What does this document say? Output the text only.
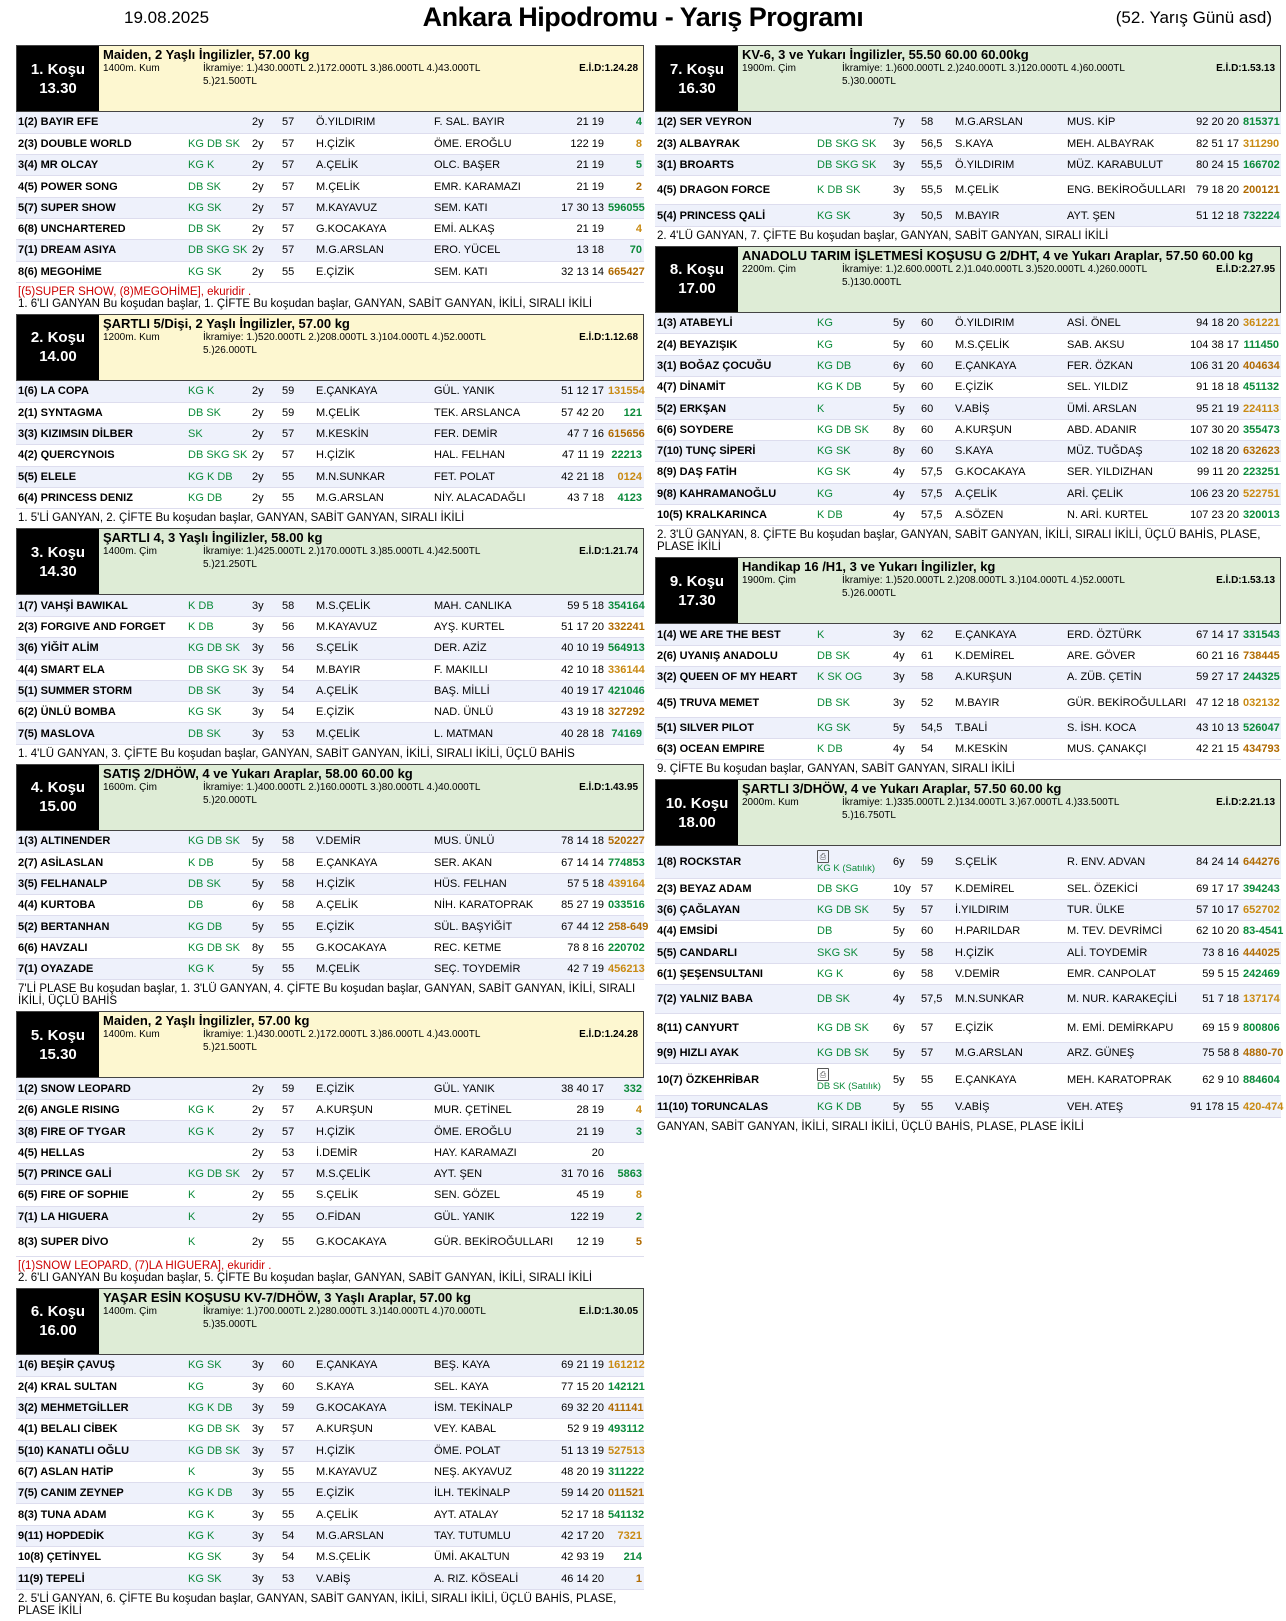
19.08.2025	Ankara Hipodromu - Yarış Programı	(52. Yarış Günü asd)
1. Koşu
13.30
Maiden, 2 Yaşlı İngilizler, 57.00 kg
1400m. Kum	İkramiye: 1.)430.000TL 2.)172.000TL 3.)86.000TL 4.)43.000TL
5.)21.500TL
E.İ.D:1.24.28
1(2) BAYIR EFE		2y	57	Ö.YILDIRIM	F. SAL. BAYIR	21 19	4
2(3) DOUBLE WORLD	KG DB SK	2y	57	H.ÇİZİK	ÖME. EROĞLU	122 19	8
3(4) MR OLCAY	KG K	2y	57	A.ÇELİK	OLC. BAŞER	21 19	5
4(5) POWER SONG	DB SK	2y	57	M.ÇELİK	EMR. KARAMAZI	21 19	2
5(7) SUPER SHOW	KG SK	2y	57	M.KAYAVUZ	SEM. KATI	17 30 13	596055
6(8) UNCHARTERED	DB SK	2y	57	G.KOCAKAYA	EMİ. ALKAŞ	21 19	4
7(1) DREAM ASIYA	DB SKG SK	2y	57	M.G.ARSLAN	ERO. YÜCEL	13 18	70
8(6) MEGOHİME	KG SK	2y	55	E.ÇİZİK	SEM. KATI	32 13 14	665427
[(5)SUPER SHOW, (8)MEGOHİME], ekuridir .
1. 6'LI GANYAN Bu koşudan başlar, 1. ÇİFTE Bu koşudan başlar, GANYAN, SABİT GANYAN, İKİLİ, SIRALI İKİLİ
2. Koşu
14.00
ŞARTLI 5/Dişi, 2 Yaşlı İngilizler, 57.00 kg
1200m. Kum	İkramiye: 1.)520.000TL 2.)208.000TL 3.)104.000TL 4.)52.000TL
5.)26.000TL
E.İ.D:1.12.68
1(6) LA COPA	KG K	2y	59	E.ÇANKAYA	GÜL. YANIK	51 12 17	131554
2(1) SYNTAGMA	DB SK	2y	59	M.ÇELİK	TEK. ARSLANCA	57 42 20	121
3(3) KIZIMSIN DİLBER	SK	2y	57	M.KESKİN	FER. DEMİR	47 7 16	615656
4(2) QUERCYNOIS	DB SKG SK	2y	57	H.ÇİZİK	HAL. FELHAN	47 11 19	22213
5(5) ELELE	KG K DB	2y	55	M.N.SUNKAR	FET. POLAT	42 21 18	0124
6(4) PRINCESS DENIZ	KG DB	2y	55	M.G.ARSLAN	NİY. ALACADAĞLI	43 7 18	4123
1. 5'Lİ GANYAN, 2. ÇİFTE Bu koşudan başlar, GANYAN, SABİT GANYAN, SIRALI İKİLİ
3. Koşu
14.30
ŞARTLI 4, 3 Yaşlı İngilizler, 58.00 kg
1400m. Çim	İkramiye: 1.)425.000TL 2.)170.000TL 3.)85.000TL 4.)42.500TL
5.)21.250TL
E.İ.D:1.21.74
1(7) VAHŞİ BAWIKAL	K DB	3y	58	M.S.ÇELİK	MAH. CANLIKA	59 5 18	354164
2(3) FORGIVE AND FORGET	K DB	3y	56	M.KAYAVUZ	AYŞ. KURTEL	51 17 20	332241
3(6) YİĞİT ALİM	KG DB SK	3y	56	S.ÇELİK	DER. AZİZ	40 10 19	564913
4(4) SMART ELA	DB SKG SK	3y	54	M.BAYIR	F. MAKILLI	42 10 18	336144
5(1) SUMMER STORM	DB SK	3y	54	A.ÇELİK	BAŞ. MİLLİ	40 19 17	421046
6(2) ÜNLÜ BOMBA	KG SK	3y	54	E.ÇİZİK	NAD. ÜNLÜ	43 19 18	327292
7(5) MASLOVA	DB SK	3y	53	M.ÇELİK	L. MATMAN	40 28 18	74169
1. 4'LÜ GANYAN, 3. ÇİFTE Bu koşudan başlar, GANYAN, SABİT GANYAN, İKİLİ, SIRALI İKİLİ, ÜÇLÜ BAHİS
4. Koşu
15.00
SATIŞ 2/DHÖW, 4 ve Yukarı Araplar, 58.00 60.00 kg
1600m. Çim	İkramiye: 1.)400.000TL 2.)160.000TL 3.)80.000TL 4.)40.000TL
5.)20.000TL
E.İ.D:1.43.95
1(3) ALTINENDER	KG DB SK	5y	58	V.DEMİR	MUS. ÜNLÜ	78 14 18	520227
2(7) ASİLASLAN	K DB	5y	58	E.ÇANKAYA	SER. AKAN	67 14 14	774853
3(5) FELHANALP	DB SK	5y	58	H.ÇİZİK	HÜS. FELHAN	57 5 18	439164
4(4) KURTOBA	DB	6y	58	A.ÇELİK	NİH. KARATOPRAK	85 27 19	033516
5(2) BERTANHAN	KG DB	5y	55	E.ÇİZİK	SÜL. BAŞYİĞİT	67 44 12	258-649
6(6) HAVZALI	KG DB SK	8y	55	G.KOCAKAYA	REC. KETME	78 8 16	220702
7(1) OYAZADE	KG K	5y	55	M.ÇELİK	SEÇ. TOYDEMİR	42 7 19	456213
7'Lİ PLASE Bu koşudan başlar, 1. 3'LÜ GANYAN, 4. ÇİFTE Bu koşudan başlar, GANYAN, SABİT GANYAN, İKİLİ, SIRALI İKİLİ, ÜÇLÜ BAHİS
5. Koşu
15.30
Maiden, 2 Yaşlı İngilizler, 57.00 kg
1400m. Kum	İkramiye: 1.)430.000TL 2.)172.000TL 3.)86.000TL 4.)43.000TL
5.)21.500TL
E.İ.D:1.24.28
1(2) SNOW LEOPARD		2y	59	E.ÇİZİK	GÜL. YANIK	38 40 17	332
2(6) ANGLE RISING	KG K	2y	57	A.KURŞUN	MUR. ÇETİNEL	28 19	4
3(8) FIRE OF TYGAR	KG K	2y	57	H.ÇİZİK	ÖME. EROĞLU	21 19	3
4(5) HELLAS		2y	53	İ.DEMİR	HAY. KARAMAZI	20	
5(7) PRINCE GALİ	KG DB SK	2y	57	M.S.ÇELİK	AYT. ŞEN	31 70 16	5863
6(5) FIRE OF SOPHIE	K	2y	55	S.ÇELİK	SEN. GÖZEL	45 19	8
7(1) LA HIGUERA	K	2y	55	O.FİDAN	GÜL. YANIK	122 19	2
8(3) SUPER DİVO	K	2y	55	G.KOCAKAYA	GÜR. BEKİROĞULLARI	12 19	5
[(1)SNOW LEOPARD, (7)LA HIGUERA], ekuridir .
2. 6'LI GANYAN Bu koşudan başlar, 5. ÇİFTE Bu koşudan başlar, GANYAN, SABİT GANYAN, İKİLİ, SIRALI İKİLİ
6. Koşu
16.00
YAŞAR ESİN KOŞUSU KV-7/DHÖW, 3 Yaşlı Araplar, 57.00 kg
1400m. Çim	İkramiye: 1.)700.000TL 2.)280.000TL 3.)140.000TL 4.)70.000TL
5.)35.000TL
E.İ.D:1.30.05
1(6) BEŞİR ÇAVUŞ	KG SK	3y	60	E.ÇANKAYA	BEŞ. KAYA	69 21 19	161212
2(4) KRAL SULTAN	KG	3y	60	S.KAYA	SEL. KAYA	77 15 20	142121
3(2) MEHMETGİLLER	KG K DB	3y	59	G.KOCAKAYA	İSM. TEKİNALP	69 32 20	411141
4(1) BELALI CİBEK	KG DB SK	3y	57	A.KURŞUN	VEY. KABAL	52 9 19	493112
5(10) KANATLI OĞLU	KG DB SK	3y	57	H.ÇİZİK	ÖME. POLAT	51 13 19	527513
6(7) ASLAN HATİP	K	3y	55	M.KAYAVUZ	NEŞ. AKYAVUZ	48 20 19	311222
7(5) CANIM ZEYNEP	KG K DB	3y	55	E.ÇİZİK	İLH. TEKİNALP	59 14 20	011521
8(3) TUNA ADAM	KG K	3y	55	A.ÇELİK	AYT. ATALAY	52 17 18	541132
9(11) HOPDEDİK	KG K	3y	54	M.G.ARSLAN	TAY. TUTUMLU	42 17 20	7321
10(8) ÇETİNYEL	KG SK	3y	54	M.S.ÇELİK	ÜMİ. AKALTUN	42 93 19	214
11(9) TEPELİ	KG SK	3y	53	V.ABİŞ	A. RIZ. KÖSEALİ	46 14 20	1
2. 5'Lİ GANYAN, 6. ÇİFTE Bu koşudan başlar, GANYAN, SABİT GANYAN, İKİLİ, SIRALI İKİLİ, ÜÇLÜ BAHİS, PLASE, PLASE İKİLİ
7. Koşu
16.30
KV-6, 3 ve Yukarı İngilizler, 55.50 60.00 60.00kg
1900m. Çim	İkramiye: 1.)600.000TL 2.)240.000TL 3.)120.000TL 4.)60.000TL
5.)30.000TL
E.İ.D:1.53.13
1(2) SER VEYRON		7y	58	M.G.ARSLAN	MUS. KİP	92 20 20	815371
2(3) ALBAYRAK	DB SKG SK	3y	56,5	S.KAYA	MEH. ALBAYRAK	82 51 17	311290
3(1) BROARTS	DB SKG SK	3y	55,5	Ö.YILDIRIM	MÜZ. KARABULUT	80 24 15	166702
4(5) DRAGON FORCE	K DB SK	3y	55,5	M.ÇELİK	ENG. BEKİROĞULLARI	79 18 20	200121
5(4) PRINCESS QALİ	KG SK	3y	50,5	M.BAYIR	AYT. ŞEN	51 12 18	732224
2. 4'LÜ GANYAN, 7. ÇİFTE Bu koşudan başlar, GANYAN, SABİT GANYAN, SIRALI İKİLİ
8. Koşu
17.00
ANADOLU TARIM İŞLETMESİ KOŞUSU G 2/DHT, 4 ve Yukarı Araplar, 57.50 60.00 kg
2200m. Çim	İkramiye: 1.)2.600.000TL 2.)1.040.000TL 3.)520.000TL 4.)260.000TL
5.)130.000TL
E.İ.D:2.27.95
1(3) ATABEYLİ	KG	5y	60	Ö.YILDIRIM	ASİ. ÖNEL	94 18 20	361221
2(4) BEYAZIŞIK	KG	5y	60	M.S.ÇELİK	SAB. AKSU	104 38 17	111450
3(1) BOĞAZ ÇOCUĞU	KG DB	6y	60	E.ÇANKAYA	FER. ÖZKAN	106 31 20	404634
4(7) DİNAMİT	KG K DB	5y	60	E.ÇİZİK	SEL. YILDIZ	91 18 18	451132
5(2) ERKŞAN	K	5y	60	V.ABİŞ	ÜMİ. ARSLAN	95 21 19	224113
6(6) SOYDERE	KG DB SK	8y	60	A.KURŞUN	ABD. ADANIR	107 30 20	355473
7(10) TUNÇ SİPERİ	KG SK	8y	60	S.KAYA	MÜZ. TUĞDAŞ	102 18 20	632623
8(9) DAŞ FATİH	KG SK	4y	57,5	G.KOCAKAYA	SER. YILDIZHAN	99 11 20	223251
9(8) KAHRAMANOĞLU	KG	4y	57,5	A.ÇELİK	ARİ. ÇELİK	106 23 20	522751
10(5) KRALKARINCA	K DB	4y	57,5	A.SÖZEN	N. ARİ. KURTEL	107 23 20	320013
2. 3'LÜ GANYAN, 8. ÇİFTE Bu koşudan başlar, GANYAN, SABİT GANYAN, İKİLİ, SIRALI İKİLİ, ÜÇLÜ BAHİS, PLASE, PLASE İKİLİ
9. Koşu
17.30
Handikap 16 /H1, 3 ve Yukarı İngilizler, kg
1900m. Çim	İkramiye: 1.)520.000TL 2.)208.000TL 3.)104.000TL 4.)52.000TL
5.)26.000TL
E.İ.D:1.53.13
1(4) WE ARE THE BEST	K	3y	62	E.ÇANKAYA	ERD. ÖZTÜRK	67 14 17	331543
2(6) UYANIŞ ANADOLU	DB SK	4y	61	K.DEMİREL	ARE. GÖVER	60 21 16	738445
3(2) QUEEN OF MY HEART	K SK OG	3y	58	A.KURŞUN	A. ZÜB. ÇETİN	59 27 17	244325
4(5) TRUVA MEMET	DB SK	3y	52	M.BAYIR	GÜR. BEKİROĞULLARI	47 12 18	032132
5(1) SILVER PILOT	KG SK	5y	54,5	T.BALİ	S. İSH. KOCA	43 10 13	526047
6(3) OCEAN EMPIRE	K DB	4y	54	M.KESKİN	MUS. ÇANAKÇI	42 21 15	434793
9. ÇİFTE Bu koşudan başlar, GANYAN, SABİT GANYAN, SIRALI İKİLİ
10. Koşu
18.00
ŞARTLI 3/DHÖW, 4 ve Yukarı Araplar, 57.50 60.00 kg
2000m. Kum	İkramiye: 1.)335.000TL 2.)134.000TL 3.)67.000TL 4.)33.500TL
5.)16.750TL
E.İ.D:2.21.13
1(8) ROCKSTAR	⎙
KG K (Satılık)	6y	59	S.ÇELİK	R. ENV. ADVAN	84 24 14	644276
2(3) BEYAZ ADAM	DB SKG	10y	57	K.DEMİREL	SEL. ÖZEKİCİ	69 17 17	394243
3(6) ÇAĞLAYAN	KG DB SK	5y	57	İ.YILDIRIM	TUR. ÜLKE	57 10 17	652702
4(4) EMSİDİ	DB	5y	60	H.PARILDAR	M. TEV. DEVRİMCİ	62 10 20	83-4541
5(5) CANDARLI	SKG SK	5y	58	H.ÇİZİK	ALİ. TOYDEMİR	73 8 16	444025
6(1) ŞEŞENSULTANI	KG K	6y	58	V.DEMİR	EMR. CANPOLAT	59 5 15	242469
7(2) YALNIZ BABA	DB SK	4y	57,5	M.N.SUNKAR	M. NUR. KARAKEÇİLİ	51 7 18	137174
8(11) CANYURT	KG DB SK	6y	57	E.ÇİZİK	M. EMİ. DEMİRKAPU	69 15 9	800806
9(9) HIZLI AYAK	KG DB SK	5y	57	M.G.ARSLAN	ARZ. GÜNEŞ	75 58 8	4880-70
10(7) ÖZKEHRİBAR	⎙
DB SK (Satılık)	5y	55	E.ÇANKAYA	MEH. KARATOPRAK	62 9 10	884604
11(10) TORUNCALAS	KG K DB	5y	55	V.ABİŞ	VEH. ATEŞ	91 178 15	420-474
GANYAN, SABİT GANYAN, İKİLİ, SIRALI İKİLİ, ÜÇLÜ BAHİS, PLASE, PLASE İKİLİ
